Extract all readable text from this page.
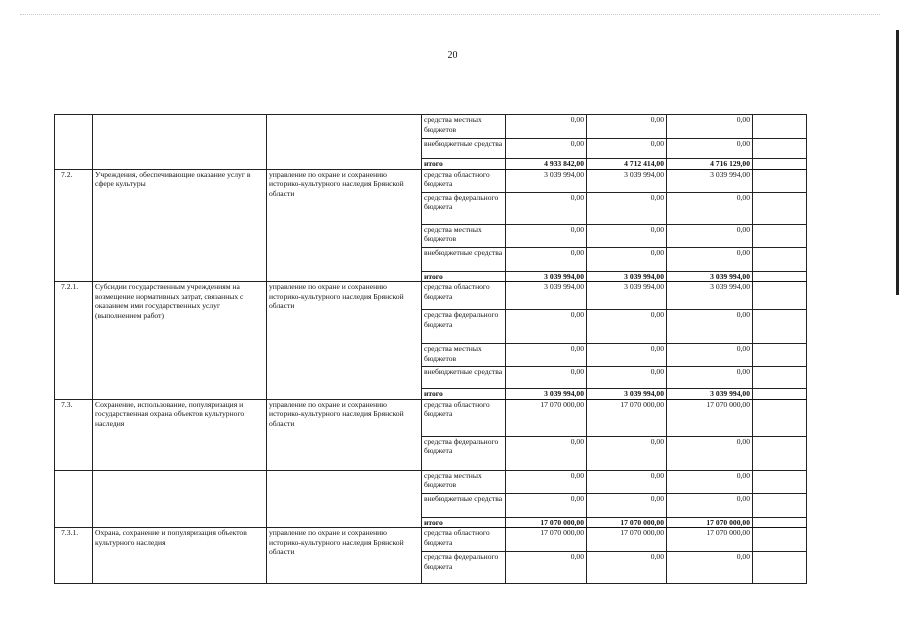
20
			средства местных бюджетов	0,00	0,00	0,00	
			внебюджетные средства	0,00	0,00	0,00	
			итого	4 933 842,00	4 712 414,00	4 716 129,00	
7.2.	Учреждения, обеспечивающие оказание услуг в сфере культуры	управление по охране и сохранению историко-культурного наследия Брянской области	средства областного бюджета	3 039 994,00	3 039 994,00	3 039 994,00	
			средства федерального бюджета	0,00	0,00	0,00	
			средства местных бюджетов	0,00	0,00	0,00	
			внебюджетные средства	0,00	0,00	0,00	
			итого	3 039 994,00	3 039 994,00	3 039 994,00	
7.2.1.	Субсидии государственным учреждениям на возмещение нормативных затрат, связанных с оказанием ими государственных услуг (выполнением работ)	управление по охране и сохранению историко-культурного наследия Брянской области	средства областного бюджета	3 039 994,00	3 039 994,00	3 039 994,00	
			средства федерального бюджета	0,00	0,00	0,00	
			средства местных бюджетов	0,00	0,00	0,00	
			внебюджетные средства	0,00	0,00	0,00	
			итого	3 039 994,00	3 039 994,00	3 039 994,00	
7.3.	Сохранение, использование, популяризация и государственная охрана объектов культурного наследия	управление по охране и сохранению историко-культурного наследия Брянской области	средства областного бюджета	17 070 000,00	17 070 000,00	17 070 000,00	
			средства федерального бюджета	0,00	0,00	0,00	
			средства местных бюджетов	0,00	0,00	0,00	
			внебюджетные средства	0,00	0,00	0,00	
			итого	17 070 000,00	17 070 000,00	17 070 000,00	
7.3.1.	Охрана, сохранение и популяризация объектов культурного наследия	управление по охране и сохранению историко-культурного наследия Брянской области	средства областного бюджета	17 070 000,00	17 070 000,00	17 070 000,00	
			средства федерального бюджета	0,00	0,00	0,00	
